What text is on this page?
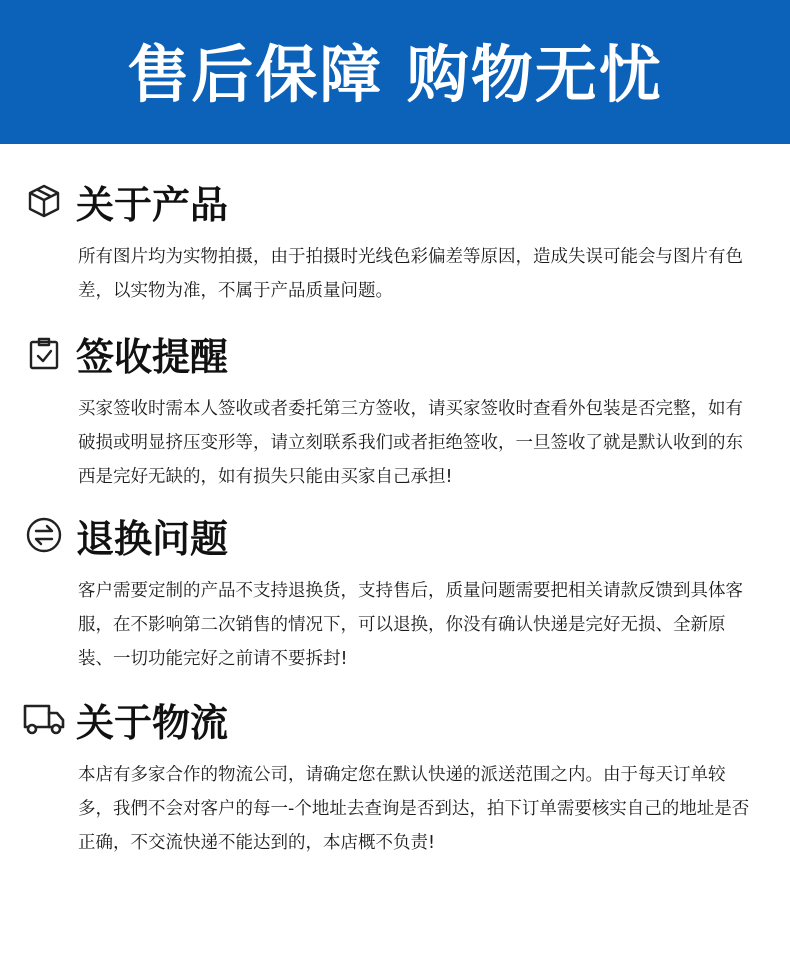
售后保障 购物无忧
关于产品
所有图片均为实物拍摄，由于拍摄时光线色彩偏差等原因，造成失误可能会与图片有色差，以实物为准，不属于产品质量问题。
签收提醒
买家签收时需本人签收或者委托第三方签收，请买家签收时查看外包装是否完整，如有破损或明显挤压变形等，请立刻联系我们或者拒绝签收，一旦签收了就是默认收到的东西是完好无缺的，如有损失只能由买家自己承担!
退换问题
客户需要定制的产品不支持退换货，支持售后，质量问题需要把相关请款反馈到具体客服，在不影响第二次销售的情况下，可以退换，你没有确认快递是完好无损、全新原装、一切功能完好之前请不要拆封!
关于物流
本店有多家合作的物流公司，请确定您在默认快递的派送范围之内。由于每天订单较多，我們不会对客户的每一-个地址去查询是否到达，拍下订单需要核实自己的地址是否正确，不交流快递不能达到的，本店概不负责!
